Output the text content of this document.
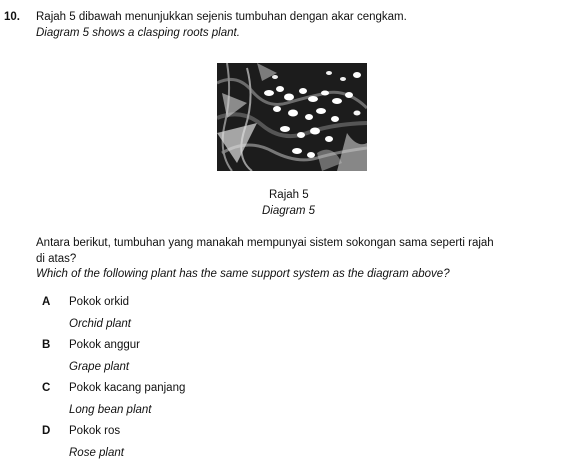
10. Rajah 5 dibawah menunjukkan sejenis tumbuhan dengan akar cengkam.
Diagram 5 shows a clasping roots plant.
Rajah 5
Diagram 5
Antara berikut, tumbuhan yang manakah mempunyai sistem sokongan sama seperti rajah
di atas?
Which of the following plant has the same support system as the diagram above?
A Pokok orkid
Orchid plant
B Pokok anggur
Grape plant
C Pokok kacang panjang
Long bean plant
D Pokok ros
Rose plant
